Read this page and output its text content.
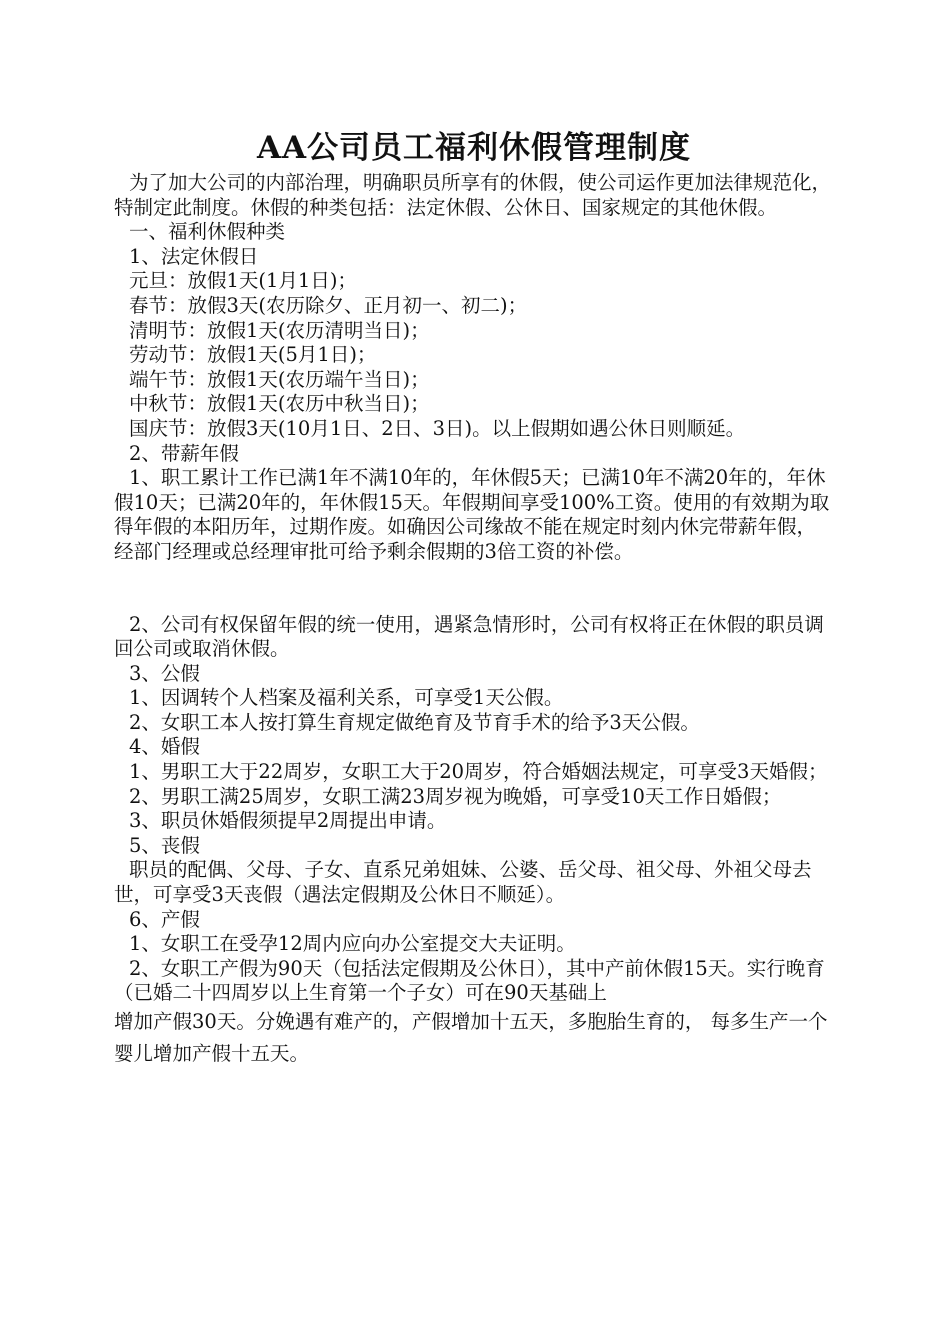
AA公司员工福利休假管理制度

为了加大公司的内部治理，明确职员所享有的休假，使公司运作更加法律规范化，特制定此制度。休假的种类包括：法定休假、公休日、国家规定的其他休假。

一、福利休假种类

1、法定休假日

元旦：放假1天(1月1日)；

春节：放假3天(农历除夕、正月初一、初二)；

清明节：放假1天(农历清明当日)；

劳动节：放假1天(5月1日)；

端午节：放假1天(农历端午当日)；

中秋节：放假1天(农历中秋当日)；

国庆节：放假3天(10月1日、2日、3日)。以上假期如遇公休日则顺延。

2、带薪年假

1、职工累计工作已满1年不满10年的，年休假5天；已满10年不满20年的，年休假10天；已满20年的，年休假15天。年假期间享受100%工资。使用的有效期为取得年假的本阳历年，过期作废。如确因公司缘故不能在规定时刻内休完带薪年假，经部门经理或总经理审批可给予剩余假期的3倍工资的补偿。

2、公司有权保留年假的统一使用，遇紧急情形时，公司有权将正在休假的职员调回公司或取消休假。

3、公假

1、因调转个人档案及福利关系，可享受1天公假。

2、女职工本人按打算生育规定做绝育及节育手术的给予3天公假。

4、婚假

1、男职工大于22周岁，女职工大于20周岁，符合婚姻法规定，可享受3天婚假；

2、男职工满25周岁，女职工满23周岁视为晚婚，可享受10天工作日婚假；

3、职员休婚假须提早2周提出申请。

5、丧假

职员的配偶、父母、子女、直系兄弟姐妹、公婆、岳父母、祖父母、外祖父母去世，可享受3天丧假（遇法定假期及公休日不顺延）。

6、产假

1、女职工在受孕12周内应向办公室提交大夫证明。

2、女职工产假为90天（包括法定假期及公休日），其中产前休假15天。实行晚育（已婚二十四周岁以上生育第一个子女）可在90天基础上

增加产假30天。分娩遇有难产的，产假增加十五天，多胞胎生育的， 每多生产一个婴儿增加产假十五天。
